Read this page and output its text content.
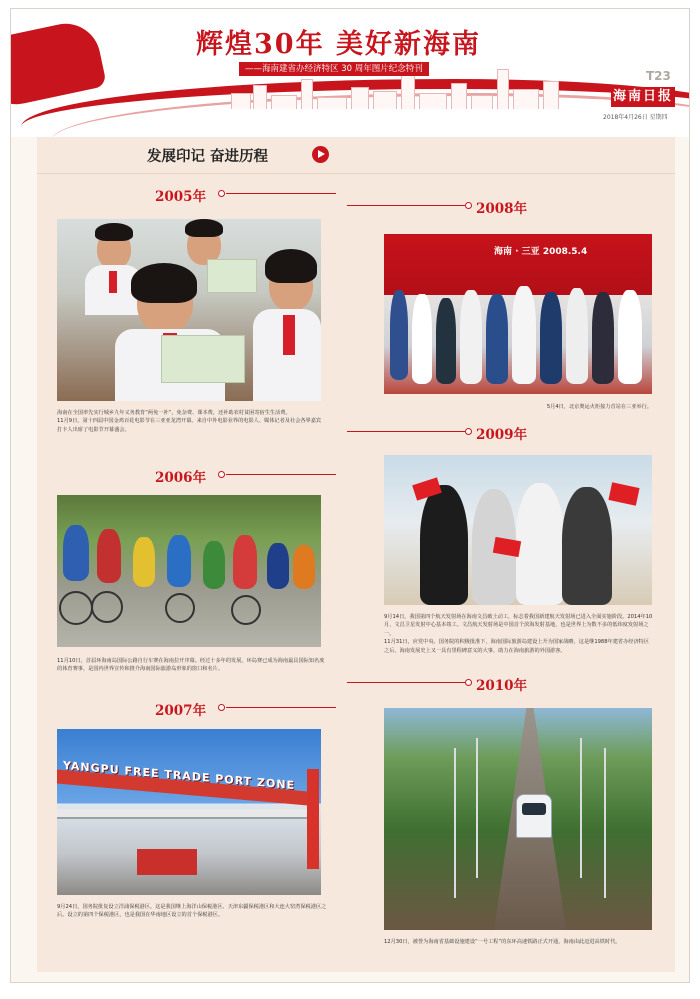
辉煌30年 美好新海南
——海南建省办经济特区 30 周年图片纪念特刊	T23
海南日报
2018年4月26日 星期四
发展印记 奋进历程
2005年
海南在全国率先实行城乡九年义务教育“两免一补”，免杂费、课本费，还补助农村贫困寄宿生生活费。
11月9日，第十四届中国金鸡百花电影节在三亚亚龙湾开幕。来自中外电影业界的电影人、媒体记者及社会各界嘉宾打卡人出席了电影节开幕盛会。
2008年
海南 · 三亚 2008.5.4
5月4日，北京奥运火炬接力首站在三亚举行。
2009年
9月14日，我国第四个航天发射场在海南文昌破土动工，标志着我国新建航天发射场已进入全面实施阶段。2014年10月，文昌卫星发射中心基本竣工。文昌航天发射场是中国首个滨海发射基地，也是世界上为数不多的低纬度发射场之一。
11月31日，应党中央、国务院的积极批准下，海南国际旅游岛建设上升为国家战略，这是继1988年建省办经济特区之后，海南发展史上又一具有里程碑意义的大事，助力在海南旅游的外国游客。
2006年
11月10日，首届环海南岛国际公路自行车赛在海南拉开序幕。经过十多年的发展，环岛赛已成为海南最具国际知名度的体育赛事，是国内世界宣传和推介海南国际旅游岛形象的窗口和名片。
2010年
12月30日，被誉为海南省基础设施建设“一号工程”的东环高速铁路正式开通，海南由此迈进高铁时代。
2007年
YANGPU FREE TRADE PORT ZONE
9月24日，国务院批复设立洋浦保税港区。这是我国继上海洋山保税港区、天津东疆保税港区和大连大窑湾保税港区之后，设立的第四个保税港区，也是我国在华南地区设立的首个保税港区。
